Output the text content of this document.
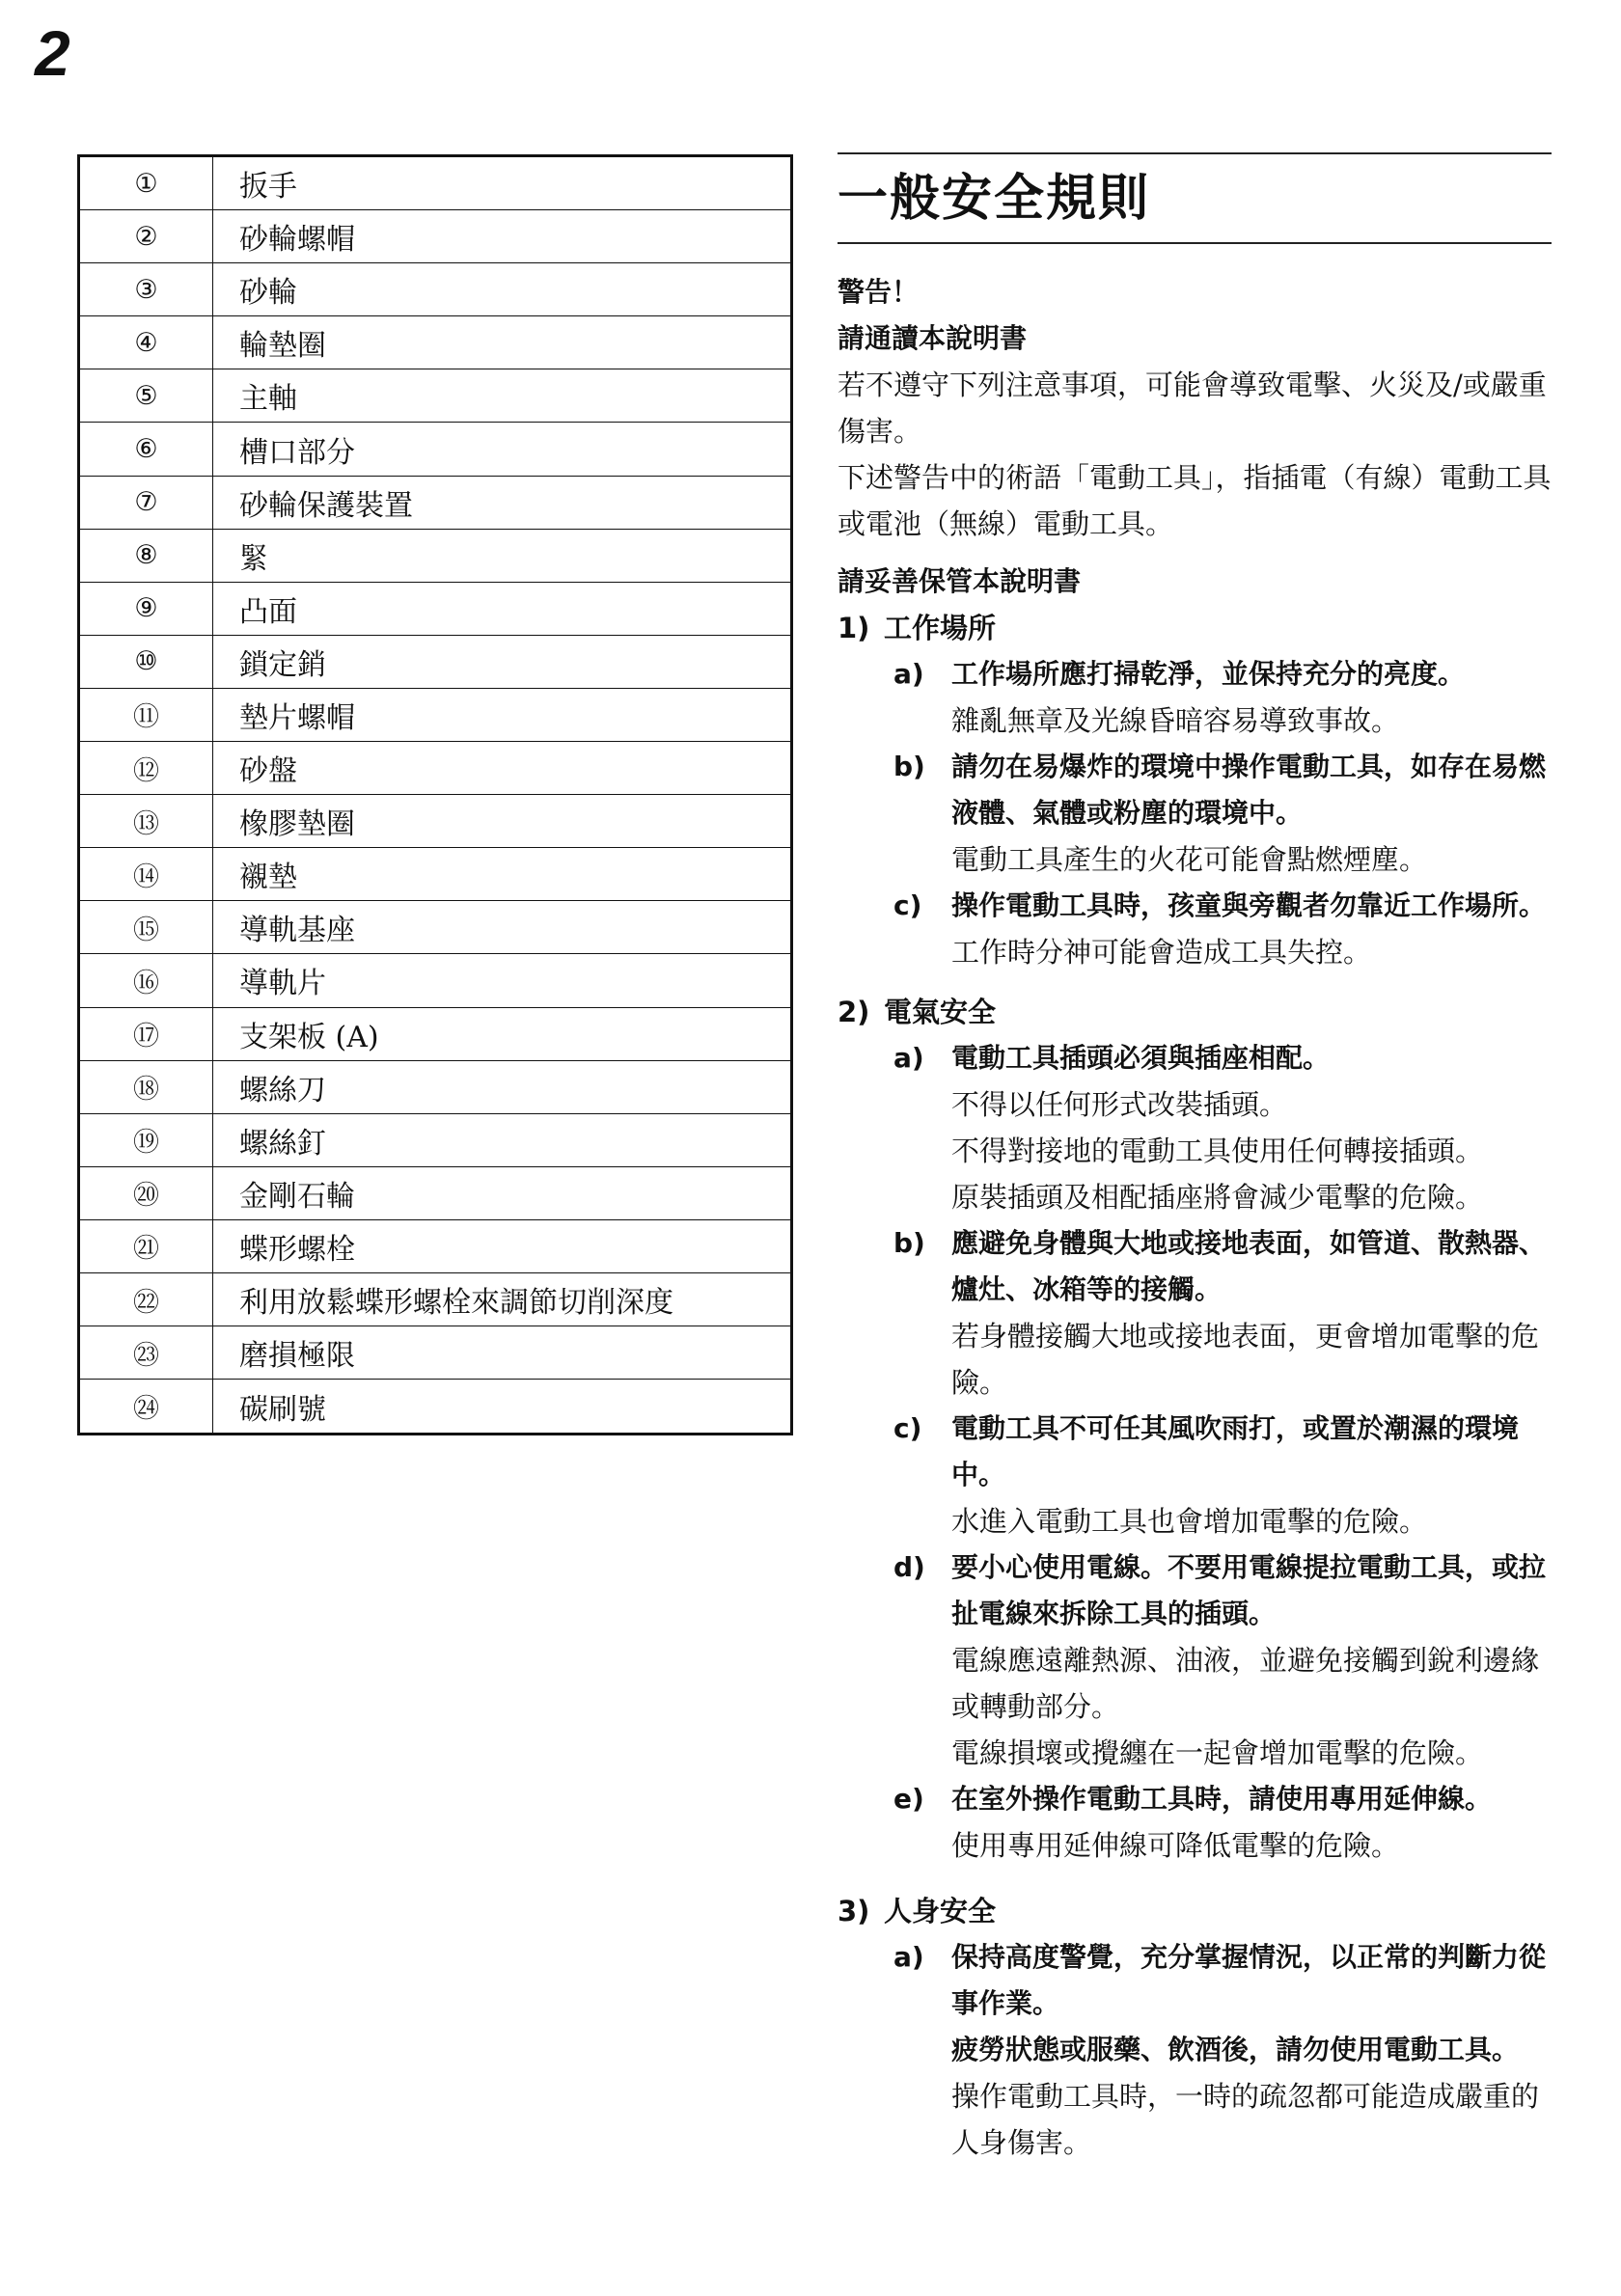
2
①	扳手
②	砂輪螺帽
③	砂輪
④	輪墊圈
⑤	主軸
⑥	槽口部分
⑦	砂輪保護裝置
⑧	緊
⑨	凸面
⑩	鎖定銷
⑪	墊片螺帽
⑫	砂盤
⑬	橡膠墊圈
⑭	襯墊
⑮	導軌基座
⑯	導軌片
⑰	支架板 (A)
⑱	螺絲刀
⑲	螺絲釘
⑳	金剛石輪
㉑	蝶形螺栓
㉒	利用放鬆蝶形螺栓來調節切削深度
㉓	磨損極限
㉔	碳刷號
一般安全規則
警告！
請通讀本說明書
若不遵守下列注意事項，可能會導致電擊、火災及/或嚴重傷害。
下述警告中的術語「電動工具」，指插電（有線）電動工具或電池（無線）電動工具。
請妥善保管本說明書
1) 工作場所
a)	工作場所應打掃乾淨，並保持充分的亮度。
雜亂無章及光線昏暗容易導致事故。
b) 請勿在易爆炸的環境中操作電動工具，如存在易燃液體、氣體或粉塵的環境中。
電動工具產生的火花可能會點燃煙塵。
c)	操作電動工具時，孩童與旁觀者勿靠近工作場所。
工作時分神可能會造成工具失控。
2) 電氣安全
a)	電動工具插頭必須與插座相配。
不得以任何形式改裝插頭。
不得對接地的電動工具使用任何轉接插頭。
原裝插頭及相配插座將會減少電擊的危險。
b) 應避免身體與大地或接地表面，如管道、散熱器、爐灶、冰箱等的接觸。
若身體接觸大地或接地表面，更會增加電擊的危險。
c)	電動工具不可任其風吹雨打，或置於潮濕的環境中。
水進入電動工具也會增加電擊的危險。
d) 要小心使用電線。不要用電線提拉電動工具，或拉扯電線來拆除工具的插頭。
電線應遠離熱源、油液，並避免接觸到銳利邊緣或轉動部分。
電線損壞或攪纏在一起會增加電擊的危險。
e)	在室外操作電動工具時，請使用專用延伸線。
使用專用延伸線可降低電擊的危險。
3) 人身安全
a)	保持高度警覺，充分掌握情況，以正常的判斷力從事作業。
疲勞狀態或服藥、飲酒後，請勿使用電動工具。
操作電動工具時，一時的疏忽都可能造成嚴重的人身傷害。
